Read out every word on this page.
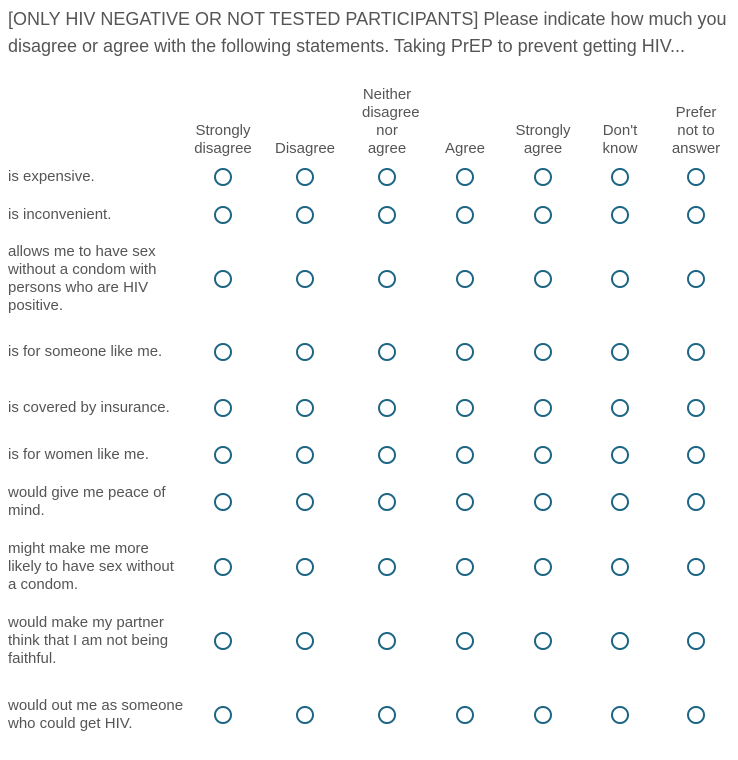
[ONLY HIV NEGATIVE OR NOT TESTED PARTICIPANTS] Please indicate how much you disagree or agree with the following statements. Taking PrEP to prevent getting HIV...

	Strongly disagree	Disagree	Neither disagree nor agree	Agree	Strongly agree	Don't know	Prefer not to answer
is expensive.							
is inconvenient.							
allows me to have sex without a condom with persons who are HIV positive.							
is for someone like me.							
is covered by insurance.							
is for women like me.							
would give me peace of mind.							
might make me more likely to have sex without a condom.							
would make my partner think that I am not being faithful.							
would out me as someone who could get HIV.							
